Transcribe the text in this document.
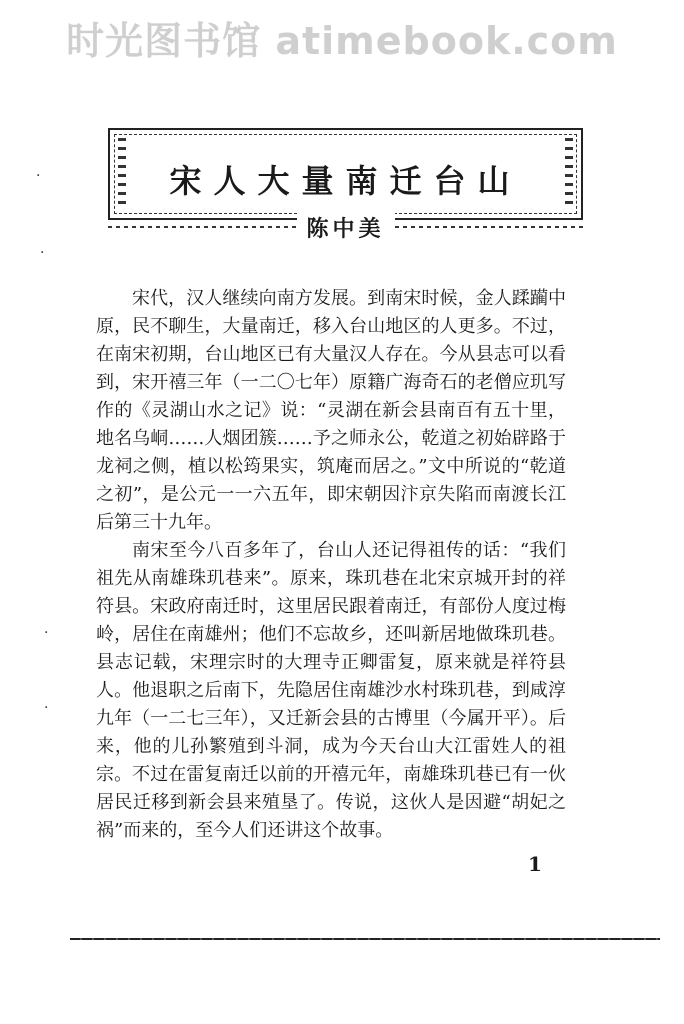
时光图书馆 atimebook.com
宋人大量南迁台山
陈中美

宋代，汉人继续向南方发展。到南宋时候，金人蹂躏中原，民不聊生，大量南迁，移入台山地区的人更多。不过，在南宋初期，台山地区已有大量汉人存在。今从县志可以看到，宋开禧三年（一二〇七年）原籍广海奇石的老僧应玑写作的《灵湖山水之记》说：“灵湖在新会县南百有五十里，地名乌峒……人烟团簇……予之师永公，乾道之初始辟路于龙祠之侧，植以松筠果实，筑庵而居之。”文中所说的“乾道之初”，是公元一一六五年，即宋朝因汴京失陷而南渡长江后第三十九年。

南宋至今八百多年了，台山人还记得祖传的话：“我们祖先从南雄珠玑巷来”。原来，珠玑巷在北宋京城开封的祥符县。宋政府南迁时，这里居民跟着南迁，有部份人度过梅岭，居住在南雄州；他们不忘故乡，还叫新居地做珠玑巷。县志记载，宋理宗时的大理寺正卿雷复，原来就是祥符县人。他退职之后南下，先隐居住南雄沙水村珠玑巷，到咸淳九年（一二七三年），又迁新会县的古博里（今属开平）。后来，他的儿孙繁殖到斗洞，成为今天台山大江雷姓人的祖宗。不过在雷复南迁以前的开禧元年，南雄珠玑巷已有一伙居民迁移到新会县来殖垦了。传说，这伙人是因避“胡妃之祸”而来的，至今人们还讲这个故事。

1
·
·
·
·
